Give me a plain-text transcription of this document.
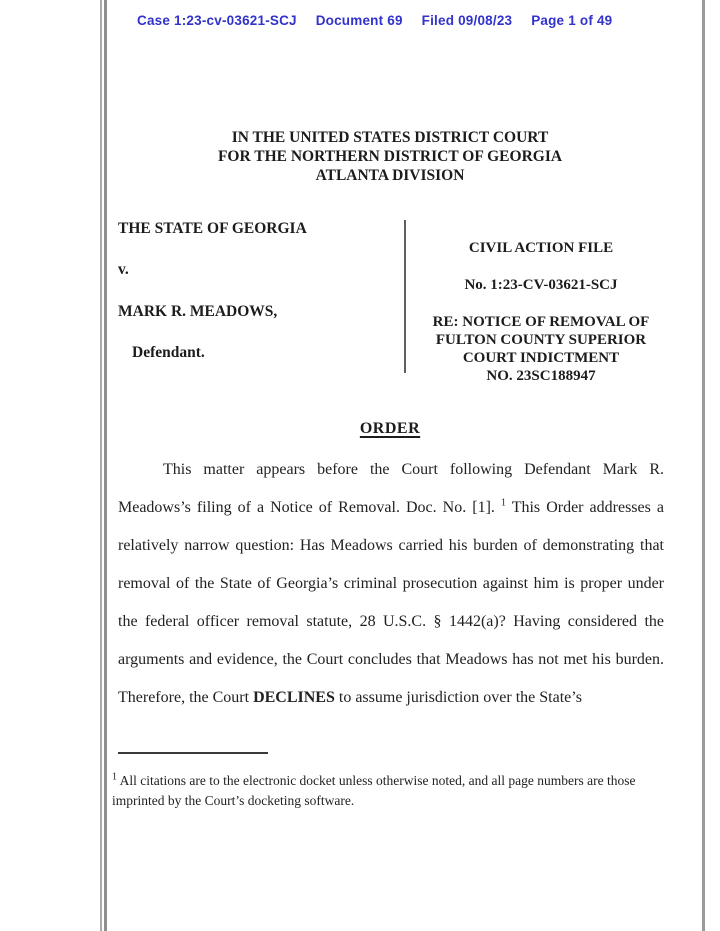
Case 1:23-cv-03621-SCJ Document 69 Filed 09/08/23 Page 1 of 49
IN THE UNITED STATES DISTRICT COURT
FOR THE NORTHERN DISTRICT OF GEORGIA
ATLANTA DIVISION
THE STATE OF GEORGIA
v.
MARK R. MEADOWS,
Defendant.
CIVIL ACTION FILE
No. 1:23-CV-03621-SCJ
RE: NOTICE OF REMOVAL OF
FULTON COUNTY SUPERIOR
COURT INDICTMENT
NO. 23SC188947
ORDER

This matter appears before the Court following Defendant Mark R. Meadows’s filing of a Notice of Removal. Doc. No. [1]. $^1$ This Order addresses a relatively narrow question: Has Meadows carried his burden of demonstrating that removal of the State of Georgia’s criminal prosecution against him is proper under the federal officer removal statute, 28 U.S.C. § 1442(a)? Having considered the arguments and evidence, the Court concludes that Meadows has not met his burden. Therefore, the Court DECLINES to assume jurisdiction over the State’s

$^1$ All citations are to the electronic docket unless otherwise noted, and all page numbers are those imprinted by the Court’s docketing software.
